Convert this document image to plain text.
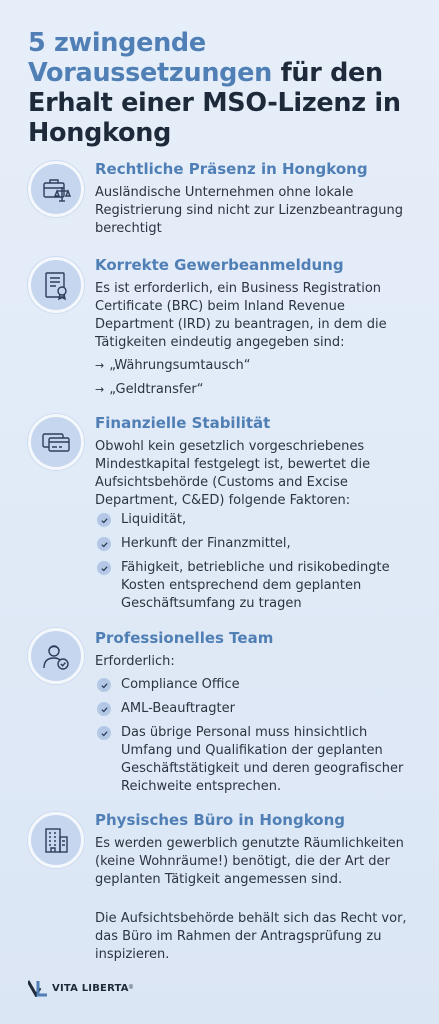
5 zwingende Voraussetzungen für den Erhalt einer MSO-Lizenz in Hongkong
Rechtliche Präsenz in Hongkong
Ausländische Unternehmen ohne lokale Registrierung sind nicht zur Lizenzbeantragung berechtigt
Korrekte Gewerbeanmeldung
Es ist erforderlich, ein Business Registration Certificate (BRC) beim Inland Revenue Department (IRD) zu beantragen, in dem die Tätigkeiten eindeutig angegeben sind:
→ „Währungsumtausch“
→ „Geldtransfer“
Finanzielle Stabilität
Obwohl kein gesetzlich vorgeschriebenes Mindestkapital festgelegt ist, bewertet die Aufsichtsbehörde (Customs and Excise Department, C&ED) folgende Faktoren:
Liquidität,
Herkunft der Finanzmittel,
Fähigkeit, betriebliche und risikobedingte Kosten entsprechend dem geplanten Geschäftsumfang zu tragen
Professionelles Team
Erforderlich:
Compliance Office
AML-Beauftragter
Das übrige Personal muss hinsichtlich Umfang und Qualifikation der geplanten Geschäftstätigkeit und deren geografischer Reichweite entsprechen.
Physisches Büro in Hongkong
Es werden gewerblich genutzte Räumlichkeiten (keine Wohnräume!) benötigt, die der Art der geplanten Tätigkeit angemessen sind.
Die Aufsichtsbehörde behält sich das Recht vor, das Büro im Rahmen der Antragsprüfung zu inspizieren.
VITA LIBERTA ®
